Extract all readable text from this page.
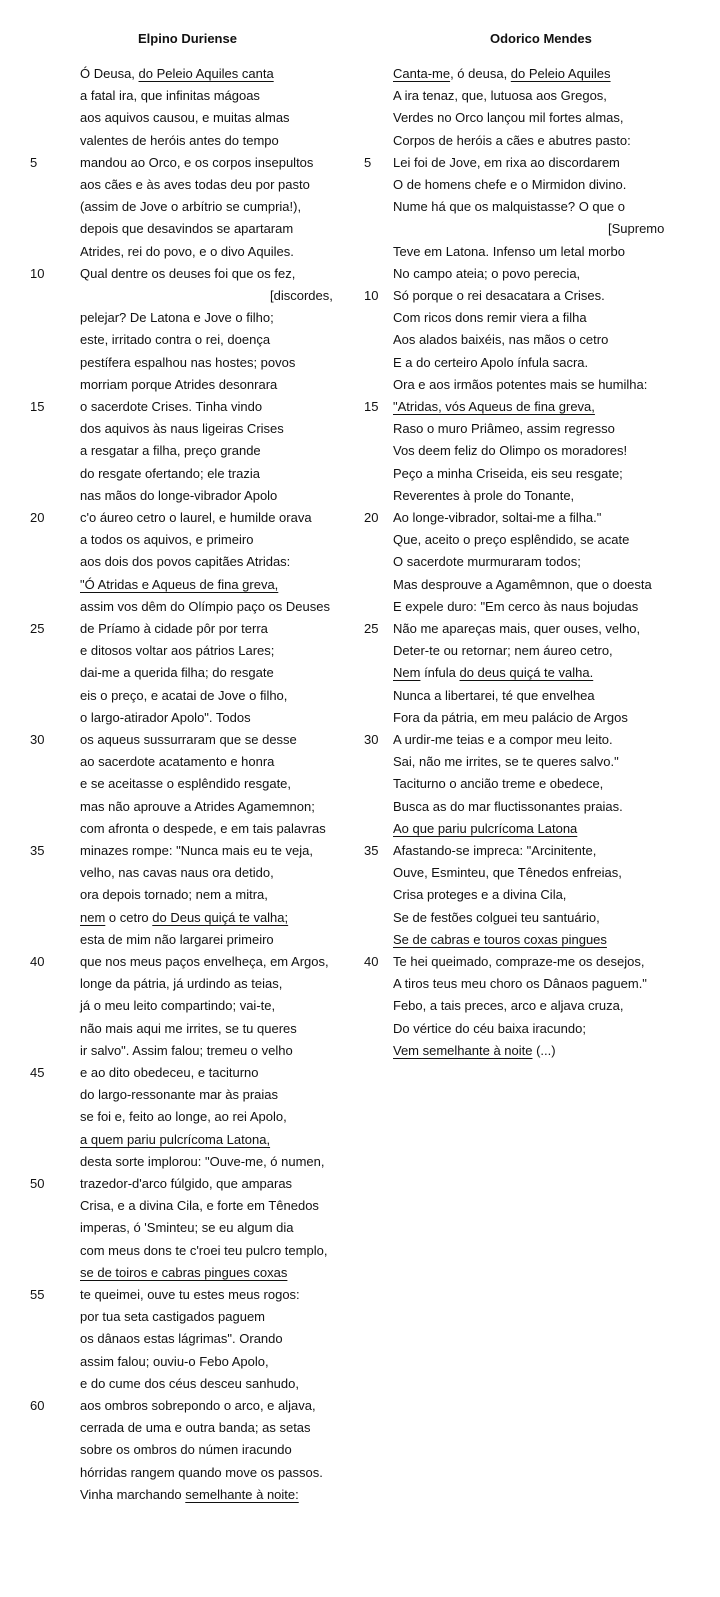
Elpino Duriense
Ó Deusa, do Peleio Aquiles canta
a fatal ira, que infinitas mágoas
aos aquivos causou, e muitas almas
valentes de heróis antes do tempo
mandou ao Orco, e os corpos insepultos
aos cães e às aves todas deu por pasto
(assim de Jove o arbítrio se cumpria!),
depois que desavindos se apartaram
Atrides, rei do povo, e o divo Aquiles.
Qual dentre os deuses foi que os fez,
[discordes,
pelejar? De Latona e Jove o filho;
este, irritado contra o rei, doença
pestífera espalhou nas hostes; povos
morriam porque Atrides desonrara
o sacerdote Crises. Tinha vindo
dos aquivos às naus ligeiras Crises
a resgatar a filha, preço grande
do resgate ofertando; ele trazia
nas mãos do longe-vibrador Apolo
c'o áureo cetro o laurel, e humilde orava
a todos os aquivos, e primeiro
aos dois dos povos capitães Atridas:
"Ó Atridas e Aqueus de fina greva,
assim vos dêm do Olímpio paço os Deuses
de Príamo à cidade pôr por terra
e ditosos voltar aos pátrios Lares;
dai-me a querida filha; do resgate
eis o preço, e acatai de Jove o filho,
o largo-atirador Apolo". Todos
os aqueus sussurraram que se desse
ao sacerdote acatamento e honra
e se aceitasse o esplêndido resgate,
mas não aprouve a Atrides Agamemnon;
com afronta o despede, e em tais palavras
minazes rompe: "Nunca mais eu te veja,
velho, nas cavas naus ora detido,
ora depois tornado; nem a mitra,
nem o cetro do Deus quiçá te valha;
esta de mim não largarei primeiro
que nos meus paços envelheça, em Argos,
longe da pátria, já urdindo as teias,
já o meu leito compartindo; vai-te,
não mais aqui me irrites, se tu queres
ir salvo". Assim falou; tremeu o velho
e ao dito obedeceu, e taciturno
do largo-ressonante mar às praias
se foi e, feito ao longe, ao rei Apolo,
a quem pariu pulcrícoma Latona,
desta sorte implorou: "Ouve-me, ó numen,
trazedor-d'arco fúlgido, que amparas
Crisa, e a divina Cila, e forte em Tênedos
imperas, ó 'Sminteu; se eu algum dia
com meus dons te c'roei teu pulcro templo,
se de toiros e cabras pingues coxas
te queimei, ouve tu estes meus rogos:
por tua seta castigados paguem
os dânaos estas lágrimas". Orando
assim falou; ouviu-o Febo Apolo,
e do cume dos céus desceu sanhudo,
aos ombros sobrepondo o arco, e aljava,
cerrada de uma e outra banda; as setas
sobre os ombros do númen iracundo
hórridas rangem quando move os passos.
Vinha marchando semelhante à noite:
5
10
15
20
25
30
35
40
45
50
55
60
Odorico Mendes
Canta-me, ó deusa, do Peleio Aquiles
A ira tenaz, que, lutuosa aos Gregos,
Verdes no Orco lançou mil fortes almas,
Corpos de heróis a cães e abutres pasto:
Lei foi de Jove, em rixa ao discordarem
O de homens chefe e o Mirmidon divino.
Nume há que os malquistasse? O que o
[Supremo
Teve em Latona. Infenso um letal morbo
No campo ateia; o povo perecia,
Só porque o rei desacatara a Crises.
Com ricos dons remir viera a filha
Aos alados baixéis, nas mãos o cetro
E a do certeiro Apolo ínfula sacra.
Ora e aos irmãos potentes mais se humilha:
"Atridas, vós Aqueus de fina greva,
Raso o muro Priâmeo, assim regresso
Vos deem feliz do Olimpo os moradores!
Peço a minha Criseida, eis seu resgate;
Reverentes à prole do Tonante,
Ao longe-vibrador, soltai-me a filha."
Que, aceito o preço esplêndido, se acate
O sacerdote murmuraram todos;
Mas desprouve a Agamêmnon, que o doesta
E expele duro: "Em cerco às naus bojudas
Não me apareças mais, quer ouses, velho,
Deter-te ou retornar; nem áureo cetro,
Nem ínfula do deus quiçá te valha.
Nunca a libertarei, té que envelhea
Fora da pátria, em meu palácio de Argos
A urdir-me teias e a compor meu leito.
Sai, não me irrites, se te queres salvo."
Taciturno o ancião treme e obedece,
Busca as do mar fluctissonantes praias.
Ao que pariu pulcrícoma Latona
Afastando-se impreca: "Arcinitente,
Ouve, Esminteu, que Tênedos enfreias,
Crisa proteges e a divina Cila,
Se de festões colguei teu santuário,
Se de cabras e touros coxas pingues
Te hei queimado, compraze-me os desejos,
A tiros teus meu choro os Dânaos paguem."
Febo, a tais preces, arco e aljava cruza,
Do vértice do céu baixa iracundo;
Vem semelhante à noite (...)
5
10
15
20
25
30
35
40
